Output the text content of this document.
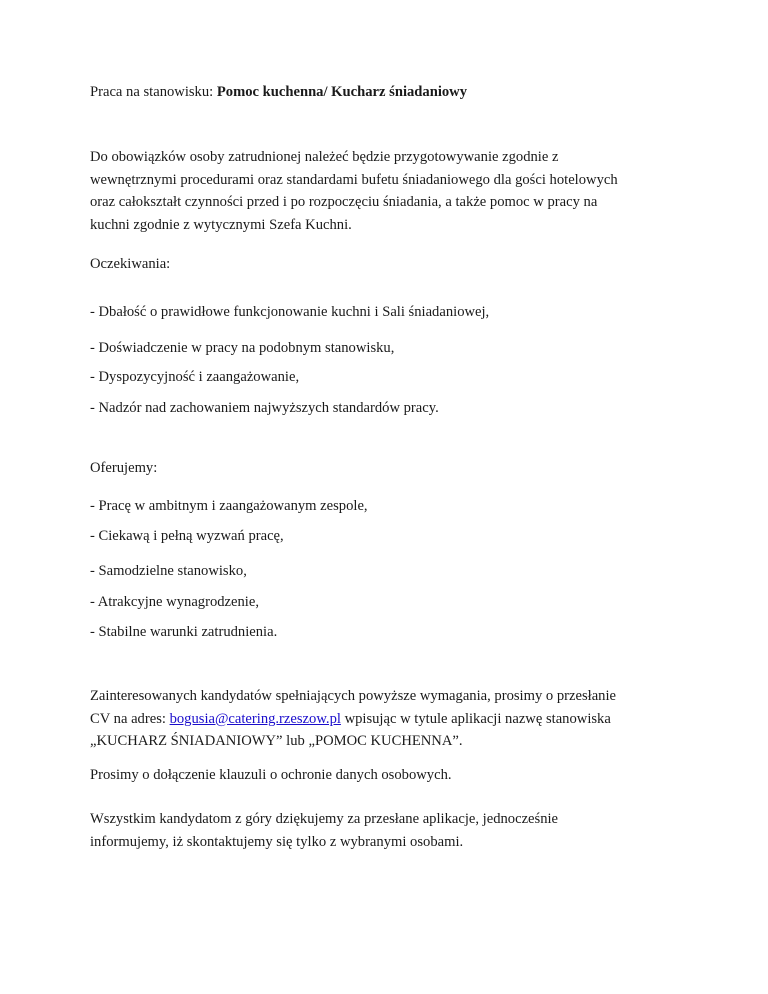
Praca na stanowisku: Pomoc kuchenna/ Kucharz śniadaniowy
Do obowiązków osoby zatrudnionej należeć będzie przygotowywanie zgodnie z
wewnętrznymi procedurami oraz standardami bufetu śniadaniowego dla gości hotelowych
oraz całokształt czynności przed i po rozpoczęciu śniadania, a także pomoc w pracy na
kuchni zgodnie z wytycznymi Szefa Kuchni.

Oczekiwania:

- Dbałość o prawidłowe funkcjonowanie kuchni i Sali śniadaniowej,

- Doświadczenie w pracy na podobnym stanowisku,

- Dyspozycyjność i zaangażowanie,

- Nadzór nad zachowaniem najwyższych standardów pracy.

Oferujemy:

- Pracę w ambitnym i zaangażowanym zespole,

- Ciekawą i pełną wyzwań pracę,

- Samodzielne stanowisko,

- Atrakcyjne wynagrodzenie,

- Stabilne warunki zatrudnienia.

Zainteresowanych kandydatów spełniających powyższe wymagania, prosimy o przesłanie
CV na adres: bogusia@catering.rzeszow.pl wpisując w tytule aplikacji nazwę stanowiska
„KUCHARZ ŚNIADANIOWY” lub „POMOC KUCHENNA”.

Prosimy o dołączenie klauzuli o ochronie danych osobowych.

Wszystkim kandydatom z góry dziękujemy za przesłane aplikacje, jednocześnie
informujemy, iż skontaktujemy się tylko z wybranymi osobami.
